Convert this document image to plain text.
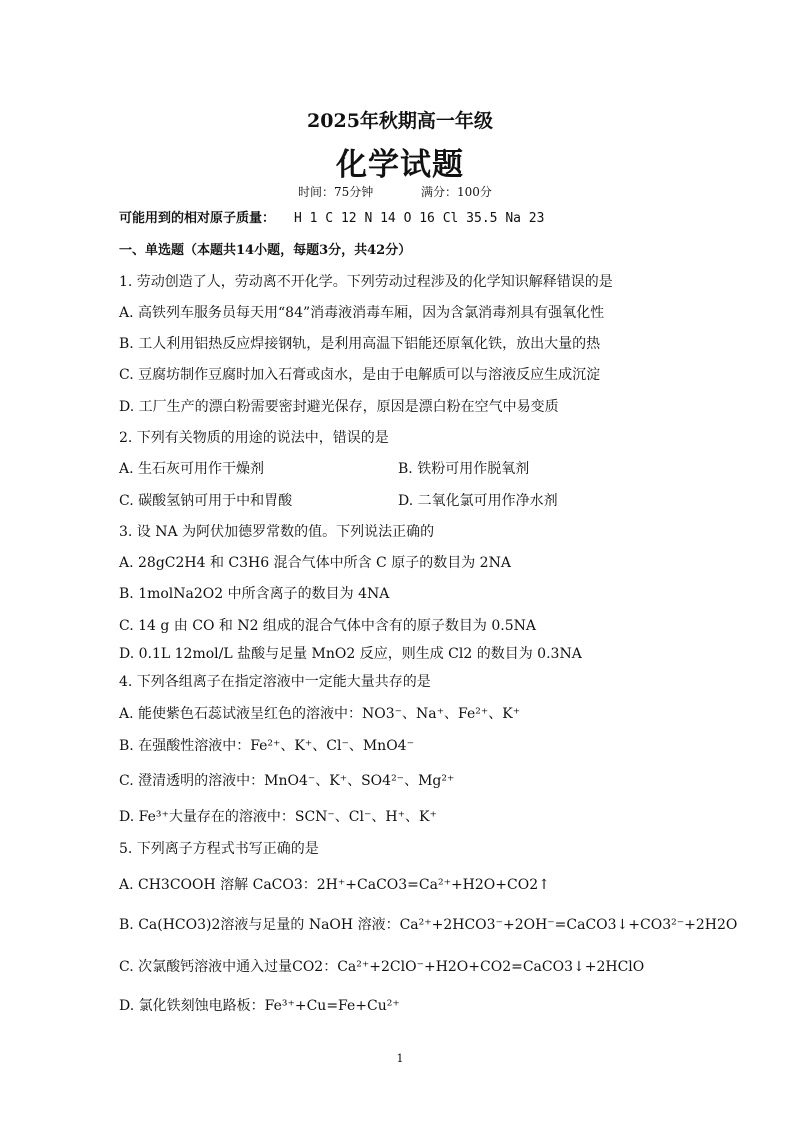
2025年秋期高一年级
化学试题
时间：75分钟	满分：100分
可能用到的相对原子质量： H 1 C 12 N 14 O 16 Cl 35.5 Na 23
一、单选题（本题共14小题，每题3分，共42分）
1. 劳动创造了人，劳动离不开化学。下列劳动过程涉及的化学知识解释错误的是
A. 高铁列车服务员每天用“84”消毒液消毒车厢，因为含氯消毒剂具有强氧化性
B. 工人利用铝热反应焊接钢轨，是利用高温下铝能还原氧化铁，放出大量的热
C. 豆腐坊制作豆腐时加入石膏或卤水，是由于电解质可以与溶液反应生成沉淀
D. 工厂生产的漂白粉需要密封避光保存，原因是漂白粉在空气中易变质
2. 下列有关物质的用途的说法中，错误的是
A. 生石灰可用作干燥剂	B. 铁粉可用作脱氧剂
C. 碳酸氢钠可用于中和胃酸	D. 二氧化氯可用作净水剂
3. 设 NA 为阿伏加德罗常数的值。下列说法正确的
A. 28gC2H4 和 C3H6 混合气体中所含 C 原子的数目为 2NA
B. 1molNa2O2 中所含离子的数目为 4NA
C. 14 g 由 CO 和 N2 组成的混合气体中含有的原子数目为 0.5NA
D. 0.1L 12mol/L 盐酸与足量 MnO2 反应，则生成 Cl2 的数目为 0.3NA
4. 下列各组离子在指定溶液中一定能大量共存的是
A. 能使紫色石蕊试液呈红色的溶液中：NO3⁻、Na⁺、Fe²⁺、K⁺
B. 在强酸性溶液中：Fe²⁺、K⁺、Cl⁻、MnO4⁻
C. 澄清透明的溶液中：MnO4⁻、K⁺、SO4²⁻、Mg²⁺
D. Fe³⁺大量存在的溶液中：SCN⁻、Cl⁻、H⁺、K⁺
5. 下列离子方程式书写正确的是
A. CH3COOH 溶解 CaCO3：2H⁺+CaCO3=Ca²⁺+H2O+CO2↑
B. Ca(HCO3)2溶液与足量的 NaOH 溶液：Ca²⁺+2HCO3⁻+2OH⁻=CaCO3↓+CO3²⁻+2H2O
C. 次氯酸钙溶液中通入过量CO2：Ca²⁺+2ClO⁻+H2O+CO2=CaCO3↓+2HClO
D. 氯化铁刻蚀电路板：Fe³⁺+Cu=Fe+Cu²⁺
1
